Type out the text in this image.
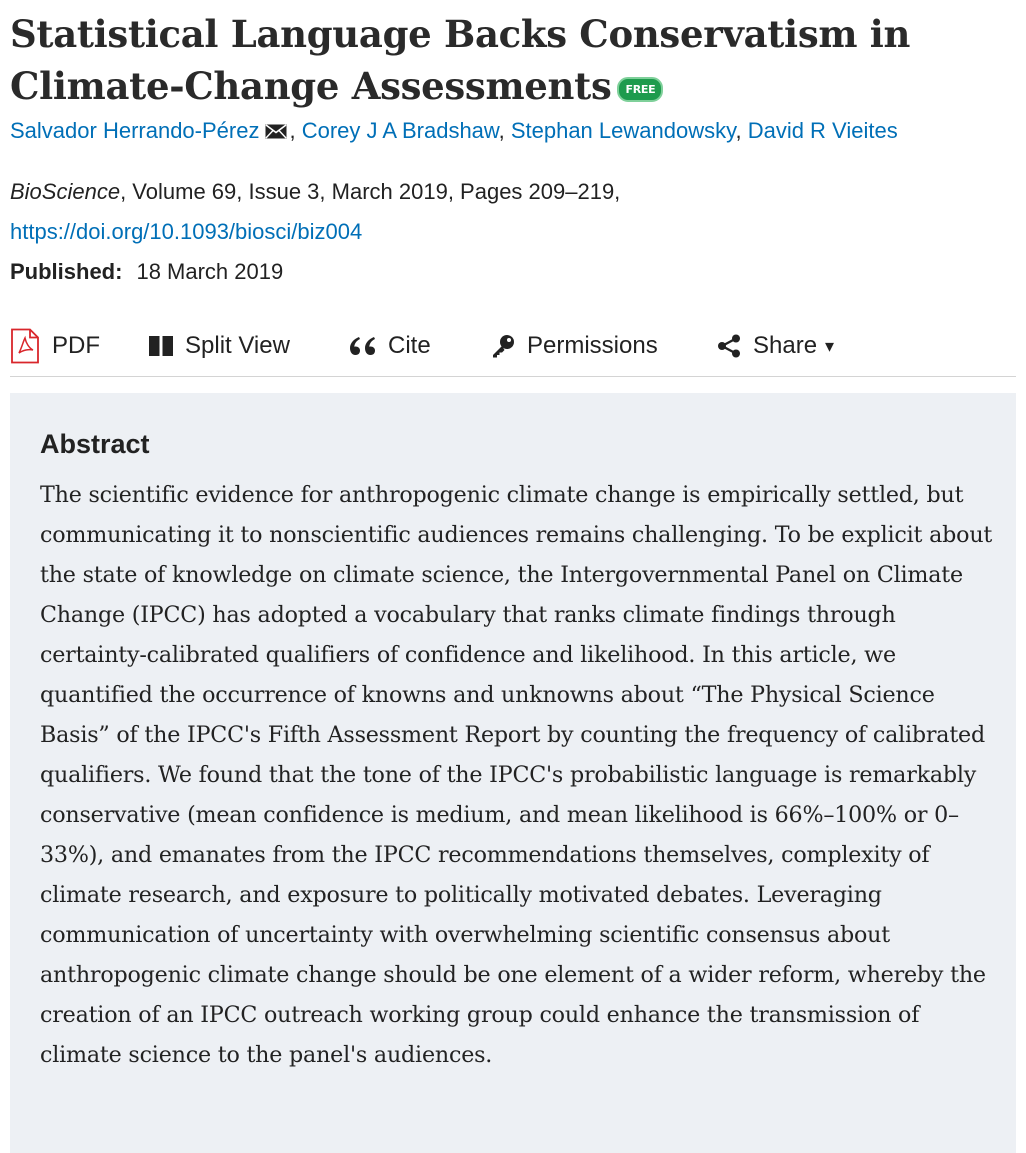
Statistical Language Backs Conservatism in Climate-Change Assessments FREE
Salvador Herrando-Pérez , Corey J A Bradshaw, Stephan Lewandowsky, David R Vieites
BioScience, Volume 69, Issue 3, March 2019, Pages 209–219,
https://doi.org/10.1093/biosci/biz004
Published: 18 March 2019
PDF	Split View	Cite	Permissions	Share ▾
Abstract

The scientific evidence for anthropogenic climate change is empirically settled, but communicating it to nonscientific audiences remains challenging. To be explicit about the state of knowledge on climate science, the Intergovernmental Panel on Climate Change (IPCC) has adopted a vocabulary that ranks climate findings through certainty-calibrated qualifiers of confidence and likelihood. In this article, we quantified the occurrence of knowns and unknowns about “The Physical Science Basis” of the IPCC's Fifth Assessment Report by counting the frequency of calibrated qualifiers. We found that the tone of the IPCC's probabilistic language is remarkably conservative (mean confidence is medium, and mean likelihood is 66%–100% or 0–33%), and emanates from the IPCC recommendations themselves, complexity of climate research, and exposure to politically motivated debates. Leveraging communication of uncertainty with overwhelming scientific consensus about anthropogenic climate change should be one element of a wider reform, whereby the creation of an IPCC outreach working group could enhance the transmission of climate science to the panel's audiences.
